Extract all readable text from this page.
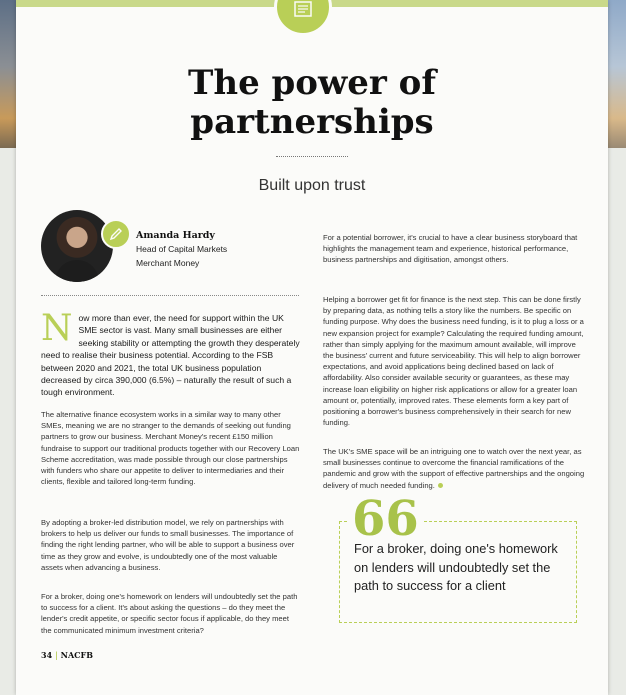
The power of
partnerships
Built upon trust
Amanda Hardy
Head of Capital Markets
Merchant Money
Now more than ever, the need for support within the UK SME sector is vast. Many small businesses are either seeking stability or attempting the growth they desperately need to realise their business potential. According to the FSB between 2020 and 2021, the total UK business population decreased by circa 390,000 (6.5%) – naturally the result of such a tough environment.
The alternative finance ecosystem works in a similar way to many other SMEs, meaning we are no stranger to the demands of seeking out funding partners to grow our business. Merchant Money's recent £150 million fundraise to support our traditional products together with our Recovery Loan Scheme accreditation, was made possible through our close partnerships with funders who share our appetite to deliver to intermediaries and their clients, flexible and tailored long-term funding.
By adopting a broker-led distribution model, we rely on partnerships with brokers to help us deliver our funds to small businesses. The importance of finding the right lending partner, who will be able to support a business over time as they grow and evolve, is undoubtedly one of the most valuable assets when advancing a business.
For a broker, doing one's homework on lenders will undoubtedly set the path to success for a client. It's about asking the questions – do they meet the lender's credit appetite, or specific sector focus if applicable, do they meet the communicated minimum investment criteria?
For a potential borrower, it's crucial to have a clear business storyboard that highlights the management team and experience, historical performance, business partnerships and digitisation, amongst others.
Helping a borrower get fit for finance is the next step. This can be done firstly by preparing data, as nothing tells a story like the numbers. Be specific on funding purpose. Why does the business need funding, is it to plug a loss or a new expansion project for example? Calculating the required funding amount, rather than simply applying for the maximum amount available, will improve the business' current and future serviceability. This will help to align borrower expectations, and avoid applications being declined based on lack of affordability. Also consider available security or guarantees, as these may increase loan eligibility on higher risk applications or allow for a greater loan amount or, potentially, improved rates. These elements form a key part of positioning a borrower's business comprehensively in their search for new funding.
The UK's SME space will be an intriguing one to watch over the next year, as small businesses continue to overcome the financial ramifications of the pandemic and grow with the support of effective partnerships and the ongoing delivery of much needed funding.
66
For a broker, doing one's homework on lenders will undoubtedly set the path to success for a client
34 | NACFB
